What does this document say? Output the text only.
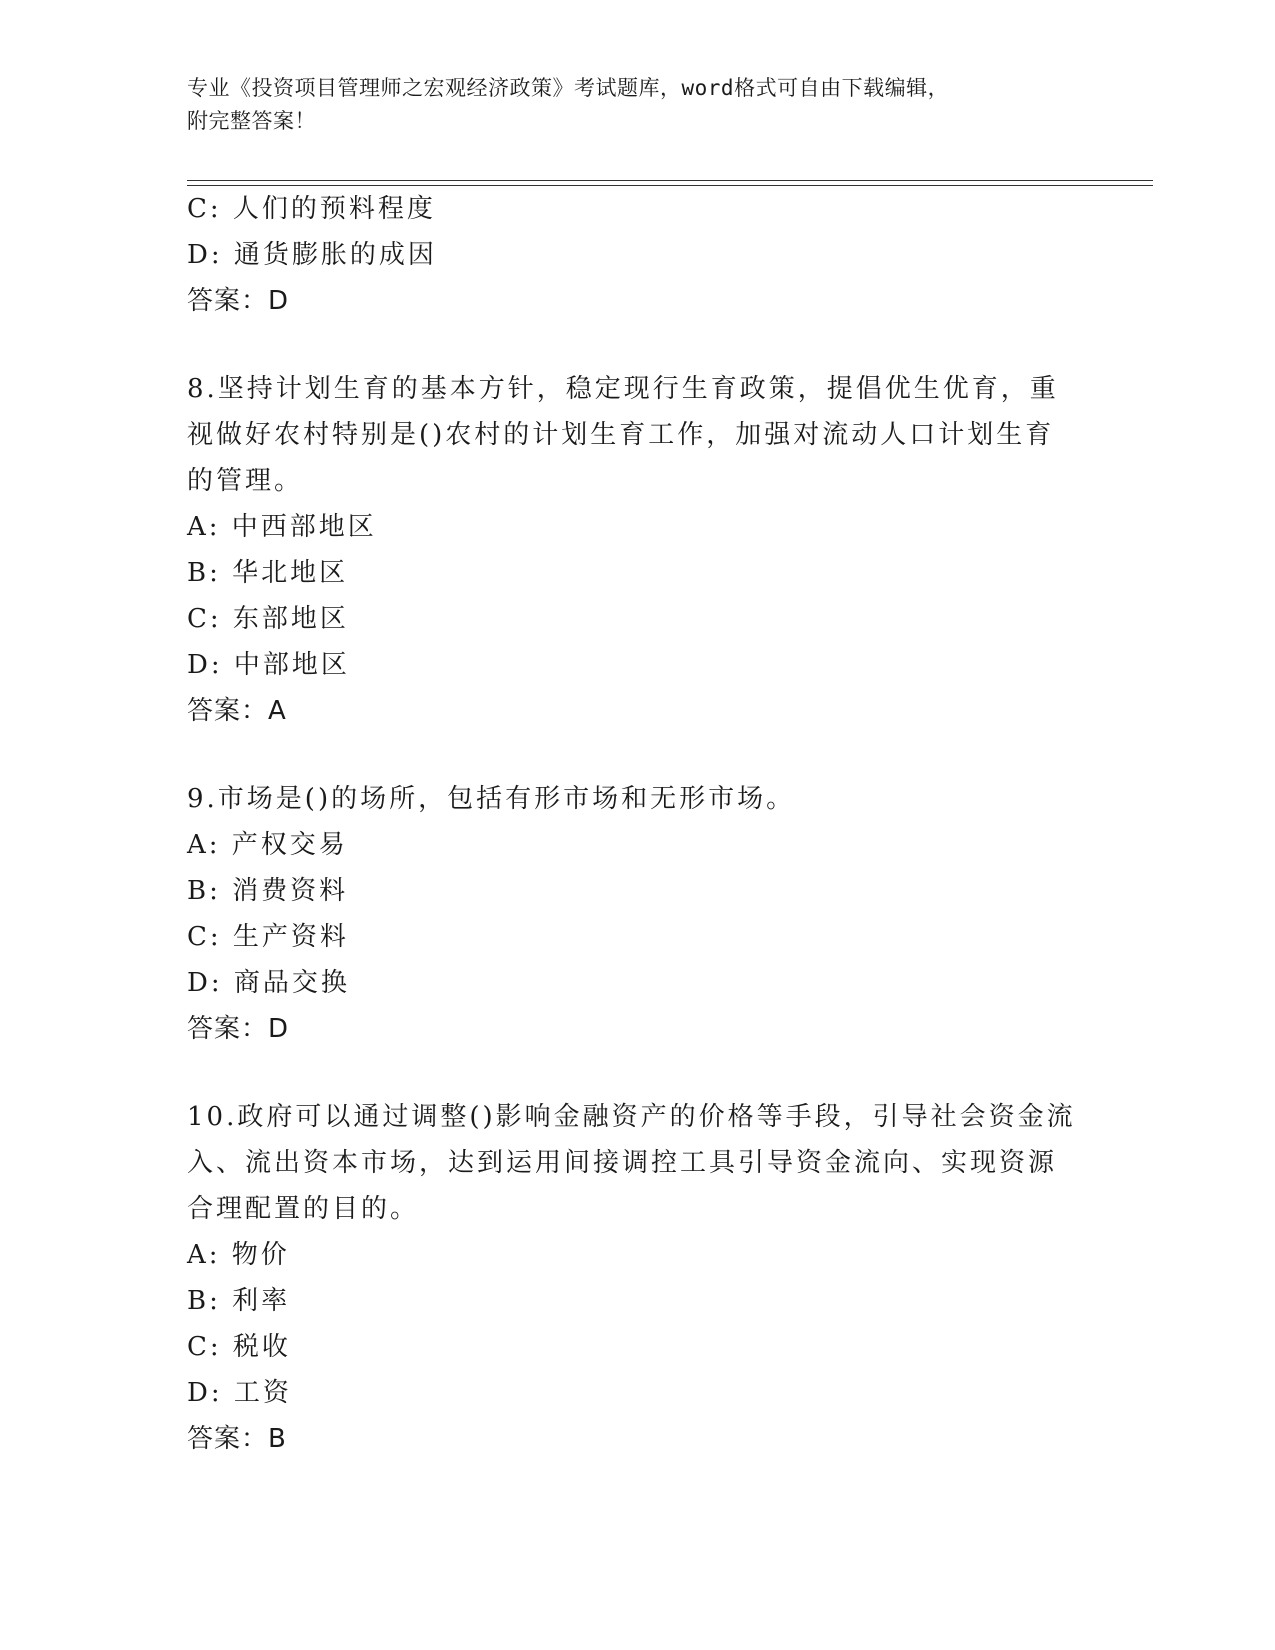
专业《投资项目管理师之宏观经济政策》考试题库，word格式可自由下载编辑，
附完整答案！
C: 人们的预料程度
D: 通货膨胀的成因
答案：D
8.坚持计划生育的基本方针，稳定现行生育政策，提倡优生优育，重
视做好农村特别是()农村的计划生育工作，加强对流动人口计划生育
的管理。
A: 中西部地区
B: 华北地区
C: 东部地区
D: 中部地区
答案：A
9.市场是()的场所，包括有形市场和无形市场。
A: 产权交易
B: 消费资料
C: 生产资料
D: 商品交换
答案：D
10.政府可以通过调整()影响金融资产的价格等手段，引导社会资金流
入、流出资本市场，达到运用间接调控工具引导资金流向、实现资源
合理配置的目的。
A: 物价
B: 利率
C: 税收
D: 工资
答案：B
